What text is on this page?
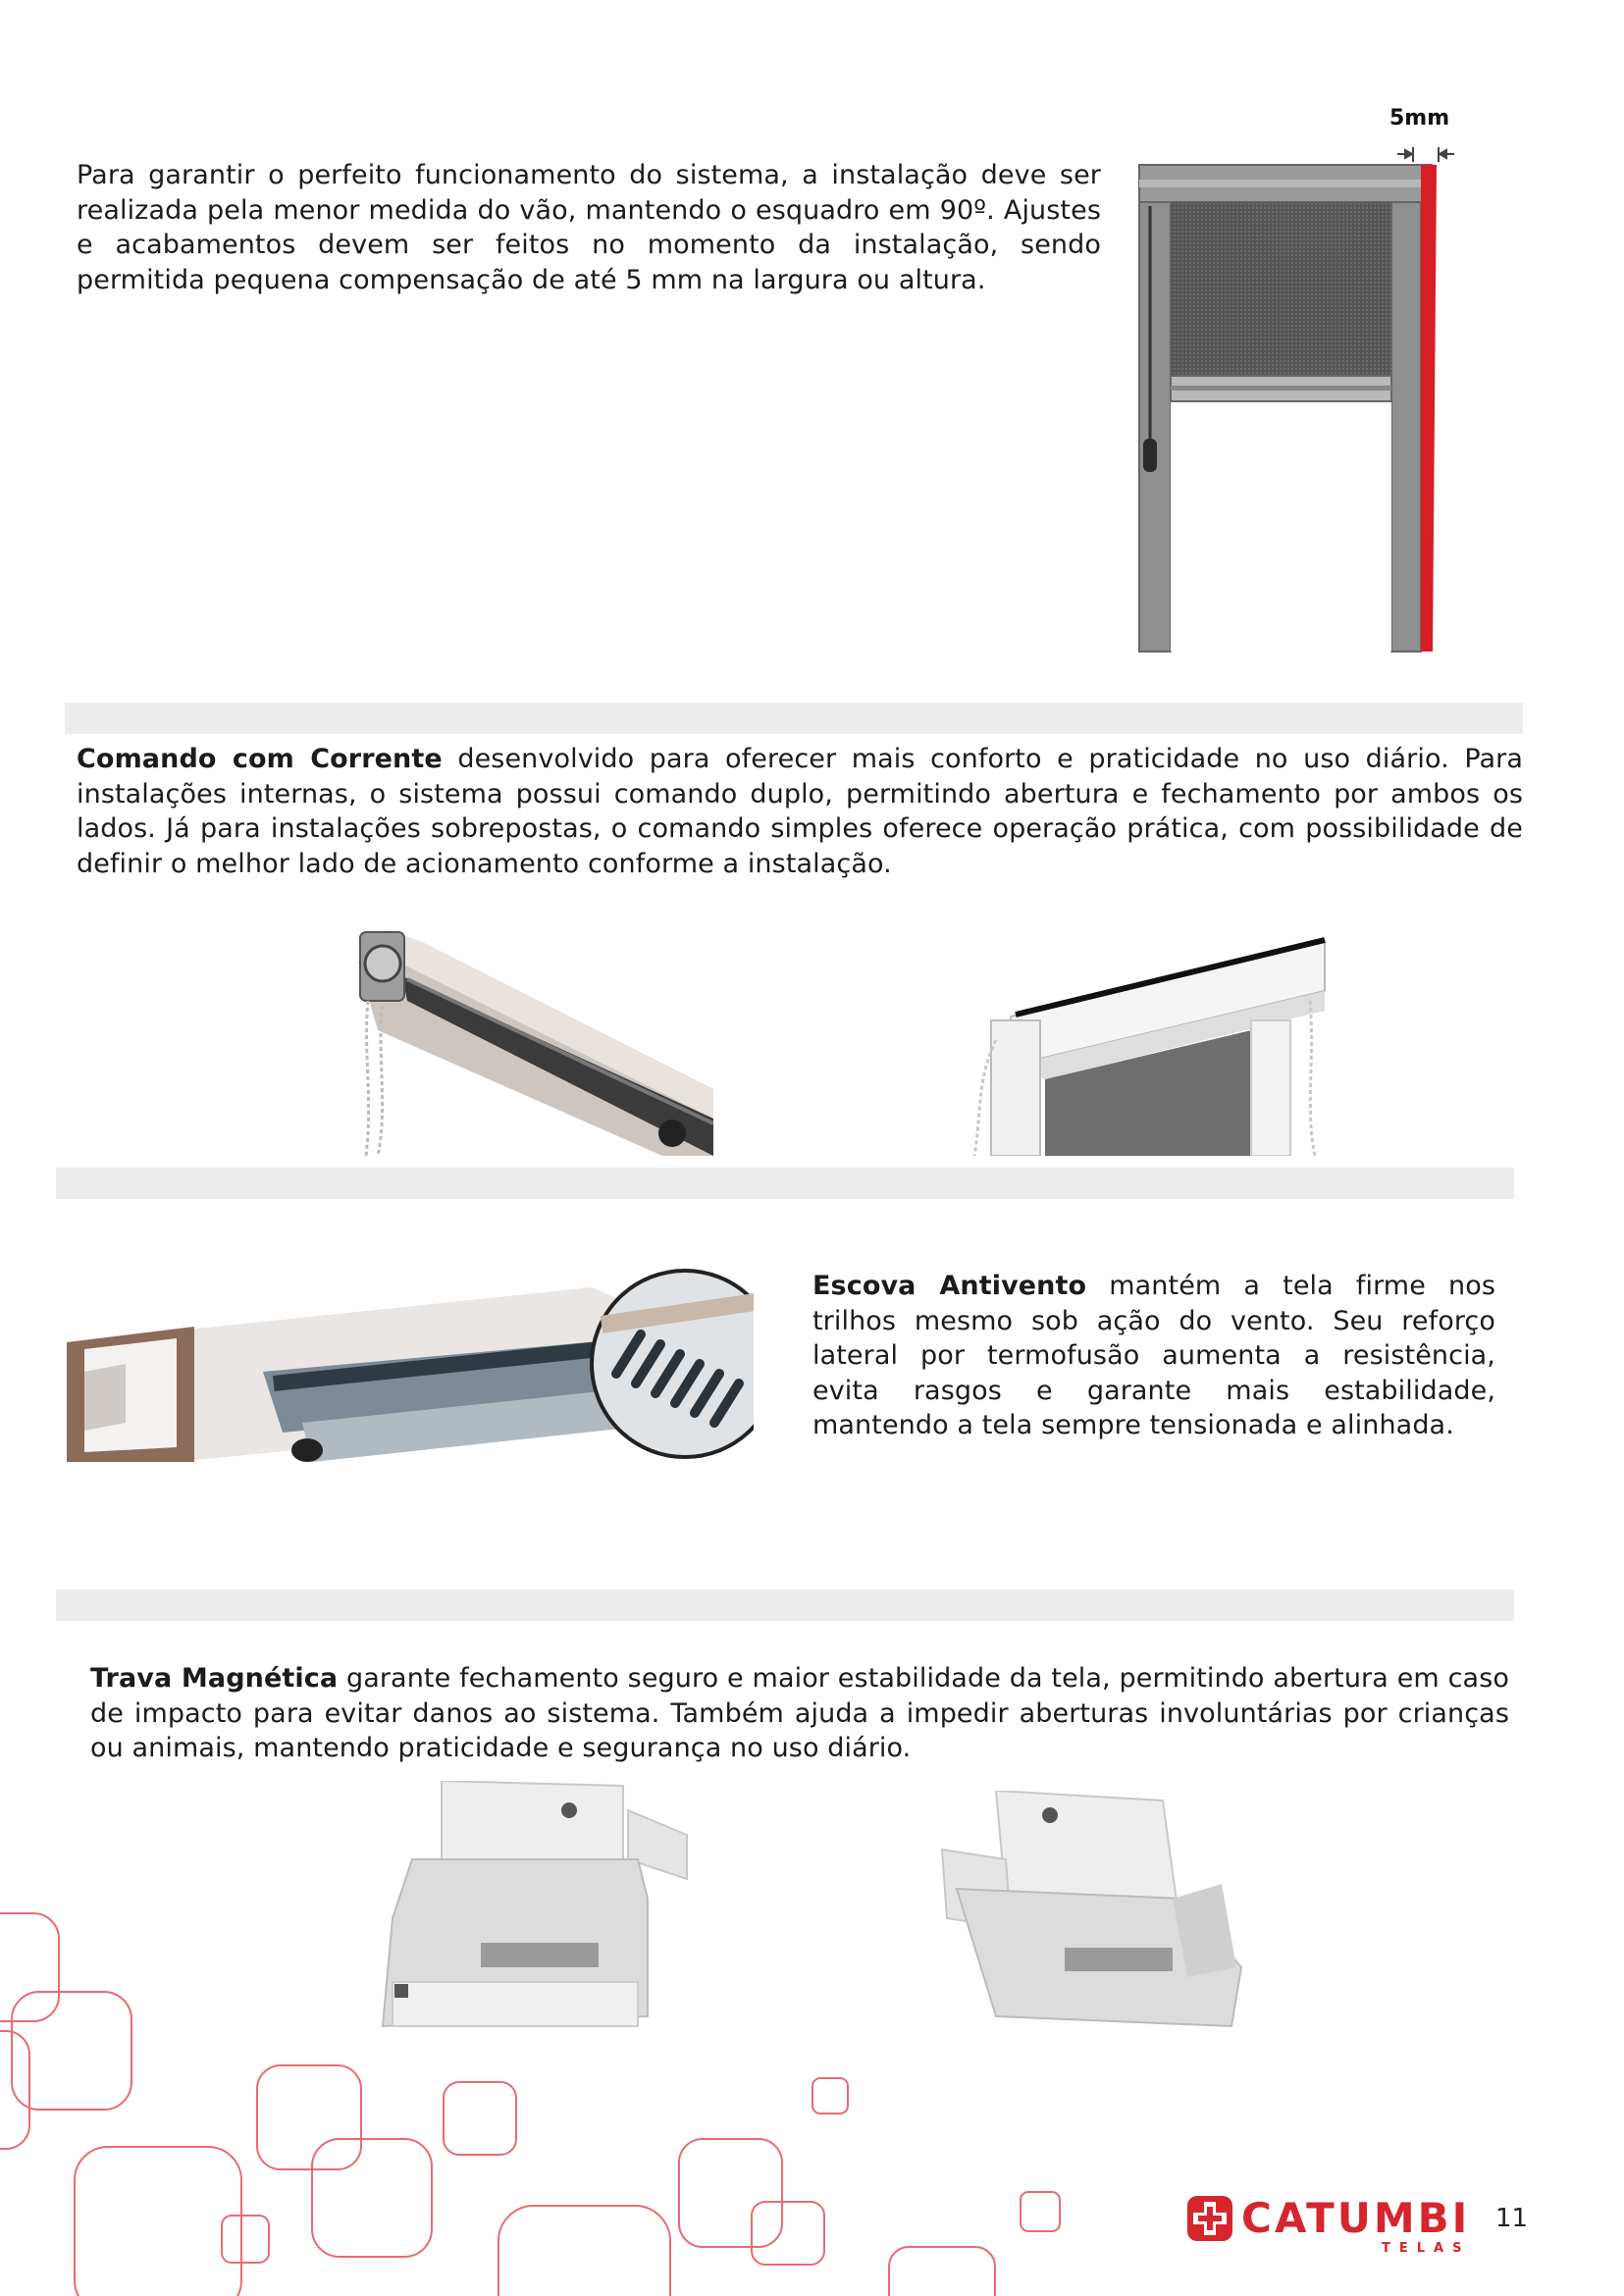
Para garantir o perfeito funcionamento do sistema, a instalação deve ser realizada pela menor medida do vão, mantendo o esquadro em 90º. Ajustes e acabamentos devem ser feitos no momento da instalação, sendo permitida pequena compensação de até 5 mm na largura ou altura.

5mm

Comando com Corrente desenvolvido para oferecer mais conforto e praticidade no uso diário. Para instalações internas, o sistema possui comando duplo, permitindo abertura e fechamento por ambos os lados. Já para instalações sobrepostas, o comando simples oferece operação prática, com possibilidade de definir o melhor lado de acionamento conforme a instalação.

Escova Antivento mantém a tela firme nos trilhos mesmo sob ação do vento. Seu reforço lateral por termofusão aumenta a resistência, evita rasgos e garante mais estabilidade, mantendo a tela sempre tensionada e alinhada.

Trava Magnética garante fechamento seguro e maior estabilidade da tela, permitindo abertura em caso de impacto para evitar danos ao sistema. Também ajuda a impedir aberturas involuntárias por crianças ou animais, mantendo praticidade e segurança no uso diário.

CATUMBI
TELAS
11
